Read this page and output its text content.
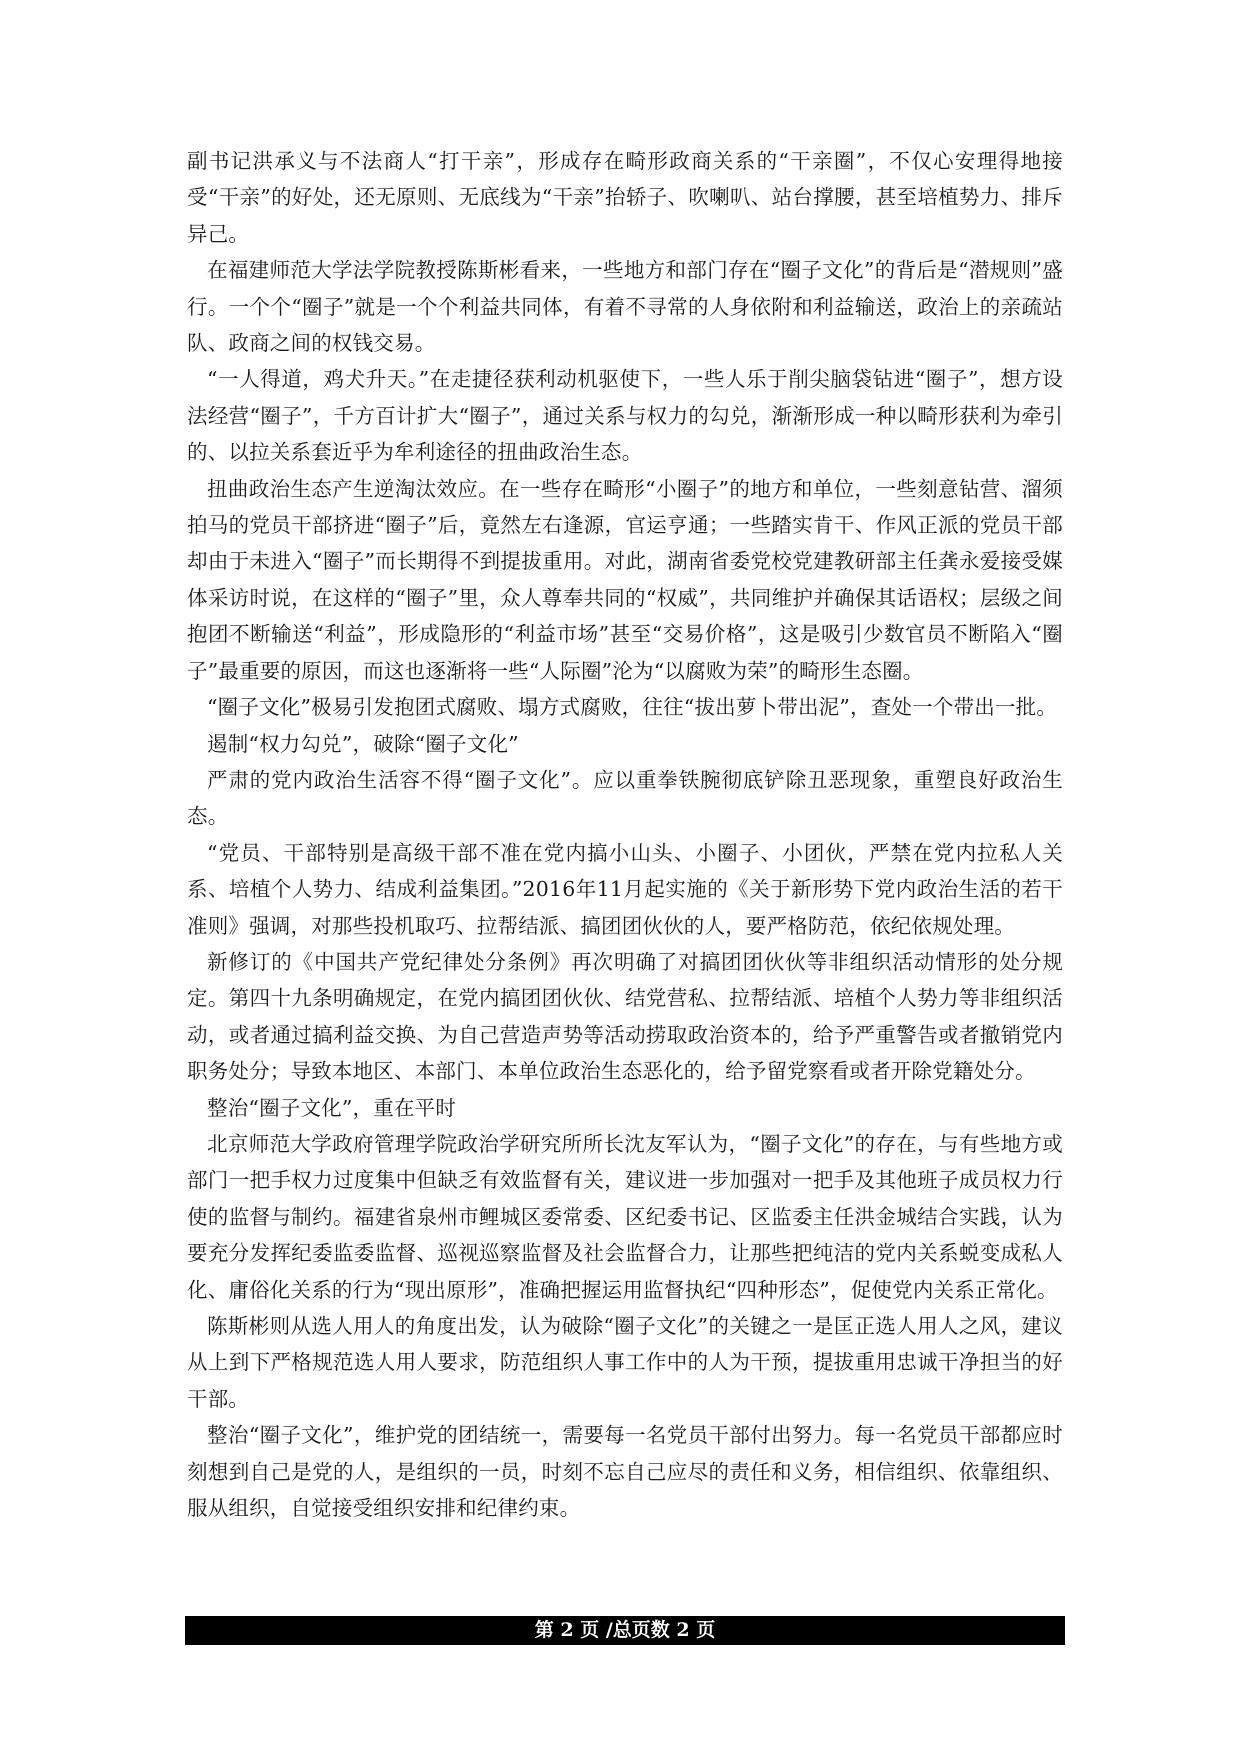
副书记洪承义与不法商人“打干亲”，形成存在畸形政商关系的“干亲圈”，不仅心安理得地接受“干亲”的好处，还无原则、无底线为“干亲”抬轿子、吹喇叭、站台撑腰，甚至培植势力、排斥异己。

在福建师范大学法学院教授陈斯彬看来，一些地方和部门存在“圈子文化”的背后是“潜规则”盛行。一个个“圈子”就是一个个利益共同体，有着不寻常的人身依附和利益输送，政治上的亲疏站队、政商之间的权钱交易。

“一人得道，鸡犬升天。”在走捷径获利动机驱使下，一些人乐于削尖脑袋钻进“圈子”，想方设法经营“圈子”，千方百计扩大“圈子”，通过关系与权力的勾兑，渐渐形成一种以畸形获利为牵引的、以拉关系套近乎为牟利途径的扭曲政治生态。

扭曲政治生态产生逆淘汰效应。在一些存在畸形“小圈子”的地方和单位，一些刻意钻营、溜须拍马的党员干部挤进“圈子”后，竟然左右逢源，官运亨通；一些踏实肯干、作风正派的党员干部却由于未进入“圈子”而长期得不到提拔重用。对此，湖南省委党校党建教研部主任龚永爱接受媒体采访时说，在这样的“圈子”里，众人尊奉共同的“权威”，共同维护并确保其话语权；层级之间抱团不断输送“利益”，形成隐形的“利益市场”甚至“交易价格”，这是吸引少数官员不断陷入“圈子”最重要的原因，而这也逐渐将一些“人际圈”沦为“以腐败为荣”的畸形生态圈。

“圈子文化”极易引发抱团式腐败、塌方式腐败，往往“拔出萝卜带出泥”，查处一个带出一批。

遏制“权力勾兑”，破除“圈子文化”

严肃的党内政治生活容不得“圈子文化”。应以重拳铁腕彻底铲除丑恶现象，重塑良好政治生态。

“党员、干部特别是高级干部不准在党内搞小山头、小圈子、小团伙，严禁在党内拉私人关系、培植个人势力、结成利益集团。”2016年11月起实施的《关于新形势下党内政治生活的若干准则》强调，对那些投机取巧、拉帮结派、搞团团伙伙的人，要严格防范，依纪依规处理。

新修订的《中国共产党纪律处分条例》再次明确了对搞团团伙伙等非组织活动情形的处分规定。第四十九条明确规定，在党内搞团团伙伙、结党营私、拉帮结派、培植个人势力等非组织活动，或者通过搞利益交换、为自己营造声势等活动捞取政治资本的，给予严重警告或者撤销党内职务处分；导致本地区、本部门、本单位政治生态恶化的，给予留党察看或者开除党籍处分。

整治“圈子文化”，重在平时

北京师范大学政府管理学院政治学研究所所长沈友军认为，“圈子文化”的存在，与有些地方或部门一把手权力过度集中但缺乏有效监督有关，建议进一步加强对一把手及其他班子成员权力行使的监督与制约。福建省泉州市鲤城区委常委、区纪委书记、区监委主任洪金城结合实践，认为要充分发挥纪委监委监督、巡视巡察监督及社会监督合力，让那些把纯洁的党内关系蜕变成私人化、庸俗化关系的行为“现出原形”，准确把握运用监督执纪“四种形态”，促使党内关系正常化。

陈斯彬则从选人用人的角度出发，认为破除“圈子文化”的关键之一是匡正选人用人之风，建议从上到下严格规范选人用人要求，防范组织人事工作中的人为干预，提拔重用忠诚干净担当的好干部。

整治“圈子文化”，维护党的团结统一，需要每一名党员干部付出努力。每一名党员干部都应时刻想到自己是党的人，是组织的一员，时刻不忘自己应尽的责任和义务，相信组织、依靠组织、服从组织，自觉接受组织安排和纪律约束。

第 2 页 /总页数 2 页
